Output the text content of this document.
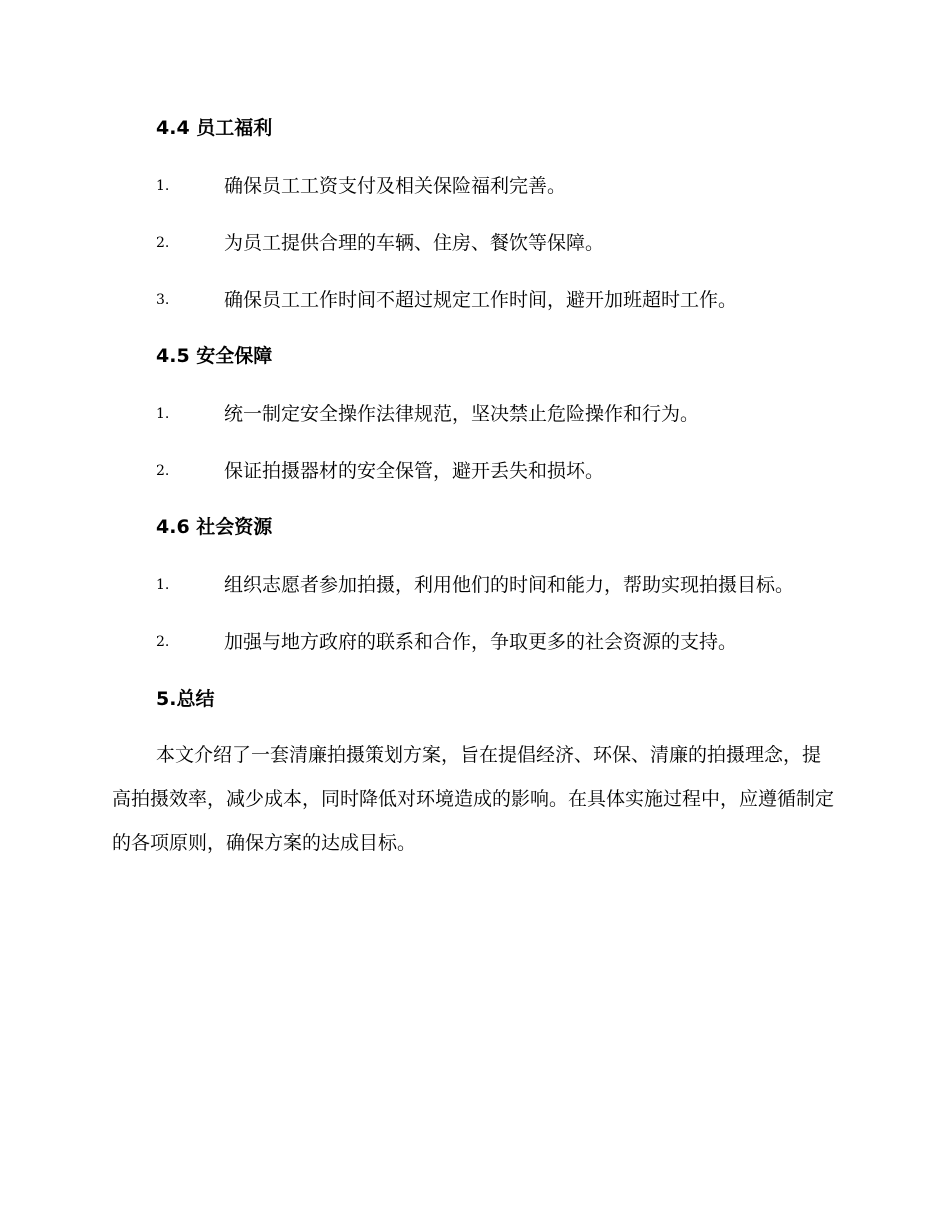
4.4 员工福利
1.	确保员工工资支付及相关保险福利完善。
2.	为员工提供合理的车辆、住房、餐饮等保障。
3.	确保员工工作时间不超过规定工作时间，避开加班超时工作。
4.5 安全保障
1.	统一制定安全操作法律规范，坚决禁止危险操作和行为。
2.	保证拍摄器材的安全保管，避开丢失和损坏。
4.6 社会资源
1.	组织志愿者参加拍摄，利用他们的时间和能力，帮助实现拍摄目标。
2.	加强与地方政府的联系和合作，争取更多的社会资源的支持。
5.总结
本文介绍了一套清廉拍摄策划方案，旨在提倡经济、环保、清廉的拍摄理念，提高拍摄效率，减少成本，同时降低对环境造成的影响。在具体实施过程中，应遵循制定的各项原则，确保方案的达成目标。
